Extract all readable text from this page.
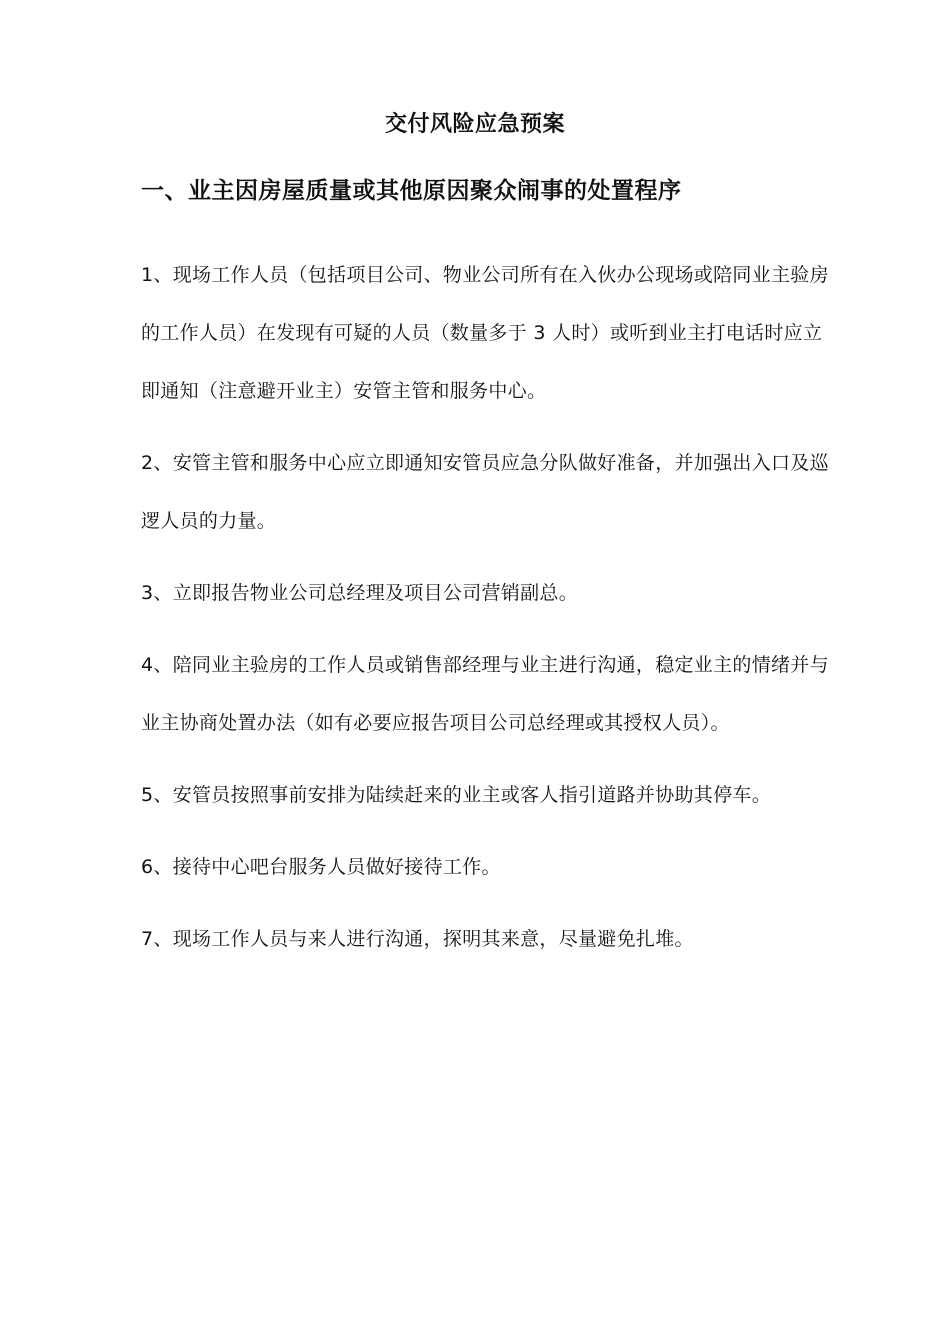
交付风险应急预案
一、业主因房屋质量或其他原因聚众闹事的处置程序
1、现场工作人员（包括项目公司、物业公司所有在入伙办公现场或陪同业主验房的工作人员）在发现有可疑的人员（数量多于 3 人时）或听到业主打电话时应立即通知（注意避开业主）安管主管和服务中心。
2、安管主管和服务中心应立即通知安管员应急分队做好准备，并加强出入口及巡逻人员的力量。
3、立即报告物业公司总经理及项目公司营销副总。
4、陪同业主验房的工作人员或销售部经理与业主进行沟通，稳定业主的情绪并与业主协商处置办法（如有必要应报告项目公司总经理或其授权人员）。
5、安管员按照事前安排为陆续赶来的业主或客人指引道路并协助其停车。
6、接待中心吧台服务人员做好接待工作。
7、现场工作人员与来人进行沟通，探明其来意，尽量避免扎堆。
